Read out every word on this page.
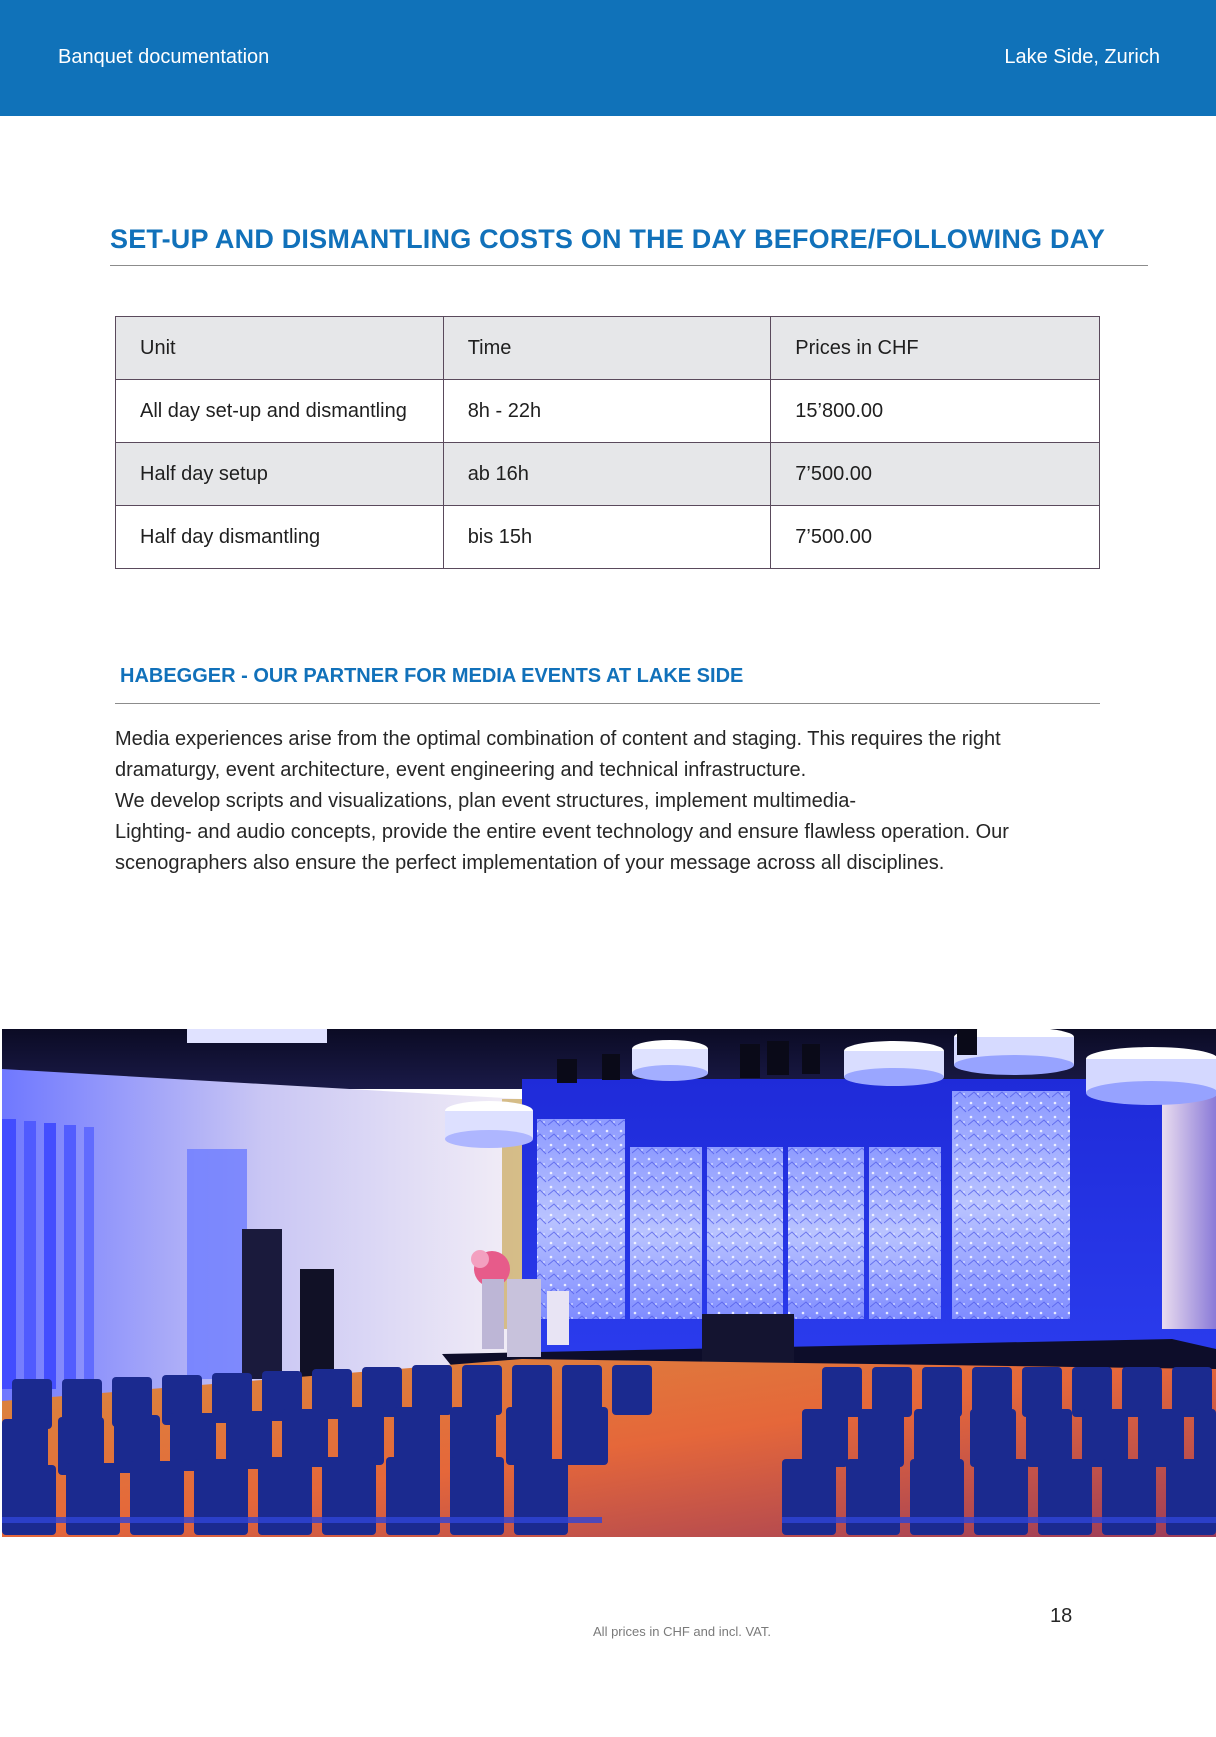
Banquet documentation	Lake Side, Zurich
SET-UP AND DISMANTLING COSTS ON THE DAY BEFORE/FOLLOWING DAY
Unit	Time	Prices in CHF
All day set-up and dismantling	8h - 22h	15’800.00
Half day setup	ab 16h	7’500.00
Half day dismantling	bis 15h	7’500.00
HABEGGER - OUR PARTNER FOR MEDIA EVENTS AT LAKE SIDE

Media experiences arise from the optimal combination of content and staging. This requires the right

dramaturgy, event architecture, event engineering and technical infrastructure.

We develop scripts and visualizations, plan event structures, implement multimedia-

Lighting- and audio concepts, provide the entire event technology and ensure flawless operation. Our

scenographers also ensure the perfect implementation of your message across all disciplines.

18
All prices in CHF and incl. VAT.
